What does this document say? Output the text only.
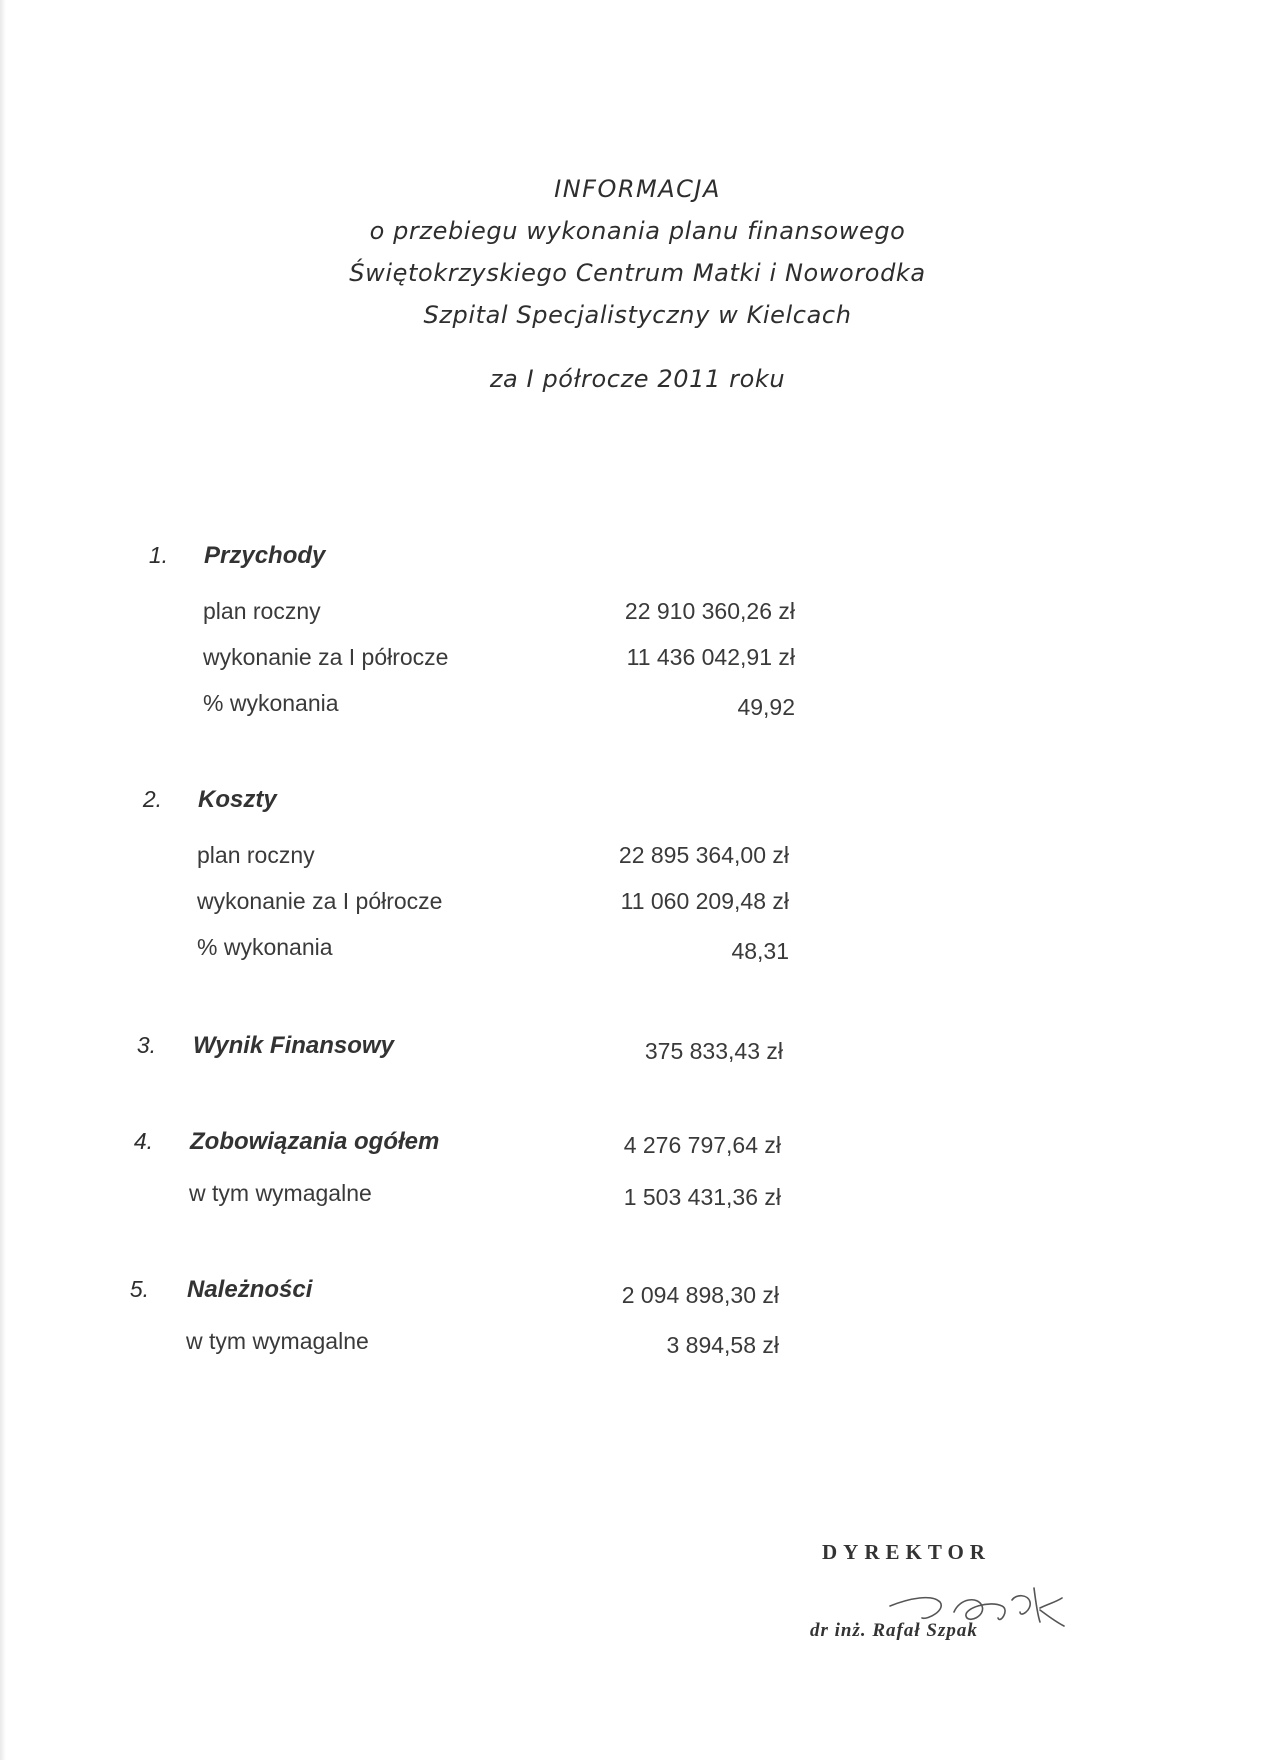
INFORMACJA
o przebiegu wykonania planu finansowego
Świętokrzyskiego Centrum Matki i Noworodka
Szpital Specjalistyczny w Kielcach
za I półrocze 2011 roku
1. Przychody
plan roczny	22 910 360,26 zł
wykonanie za I półrocze	11 436 042,91 zł
% wykonania	49,92
2. Koszty
plan roczny	22 895 364,00 zł
wykonanie za I półrocze	11 060 209,48 zł
% wykonania	48,31
3. Wynik Finansowy	375 833,43 zł
4. Zobowiązania ogółem	4 276 797,64 zł
w tym wymagalne	1 503 431,36 zł
5. Należności	2 094 898,30 zł
w tym wymagalne	3 894,58 zł
DYREKTOR
dr inż. Rafał Szpak
